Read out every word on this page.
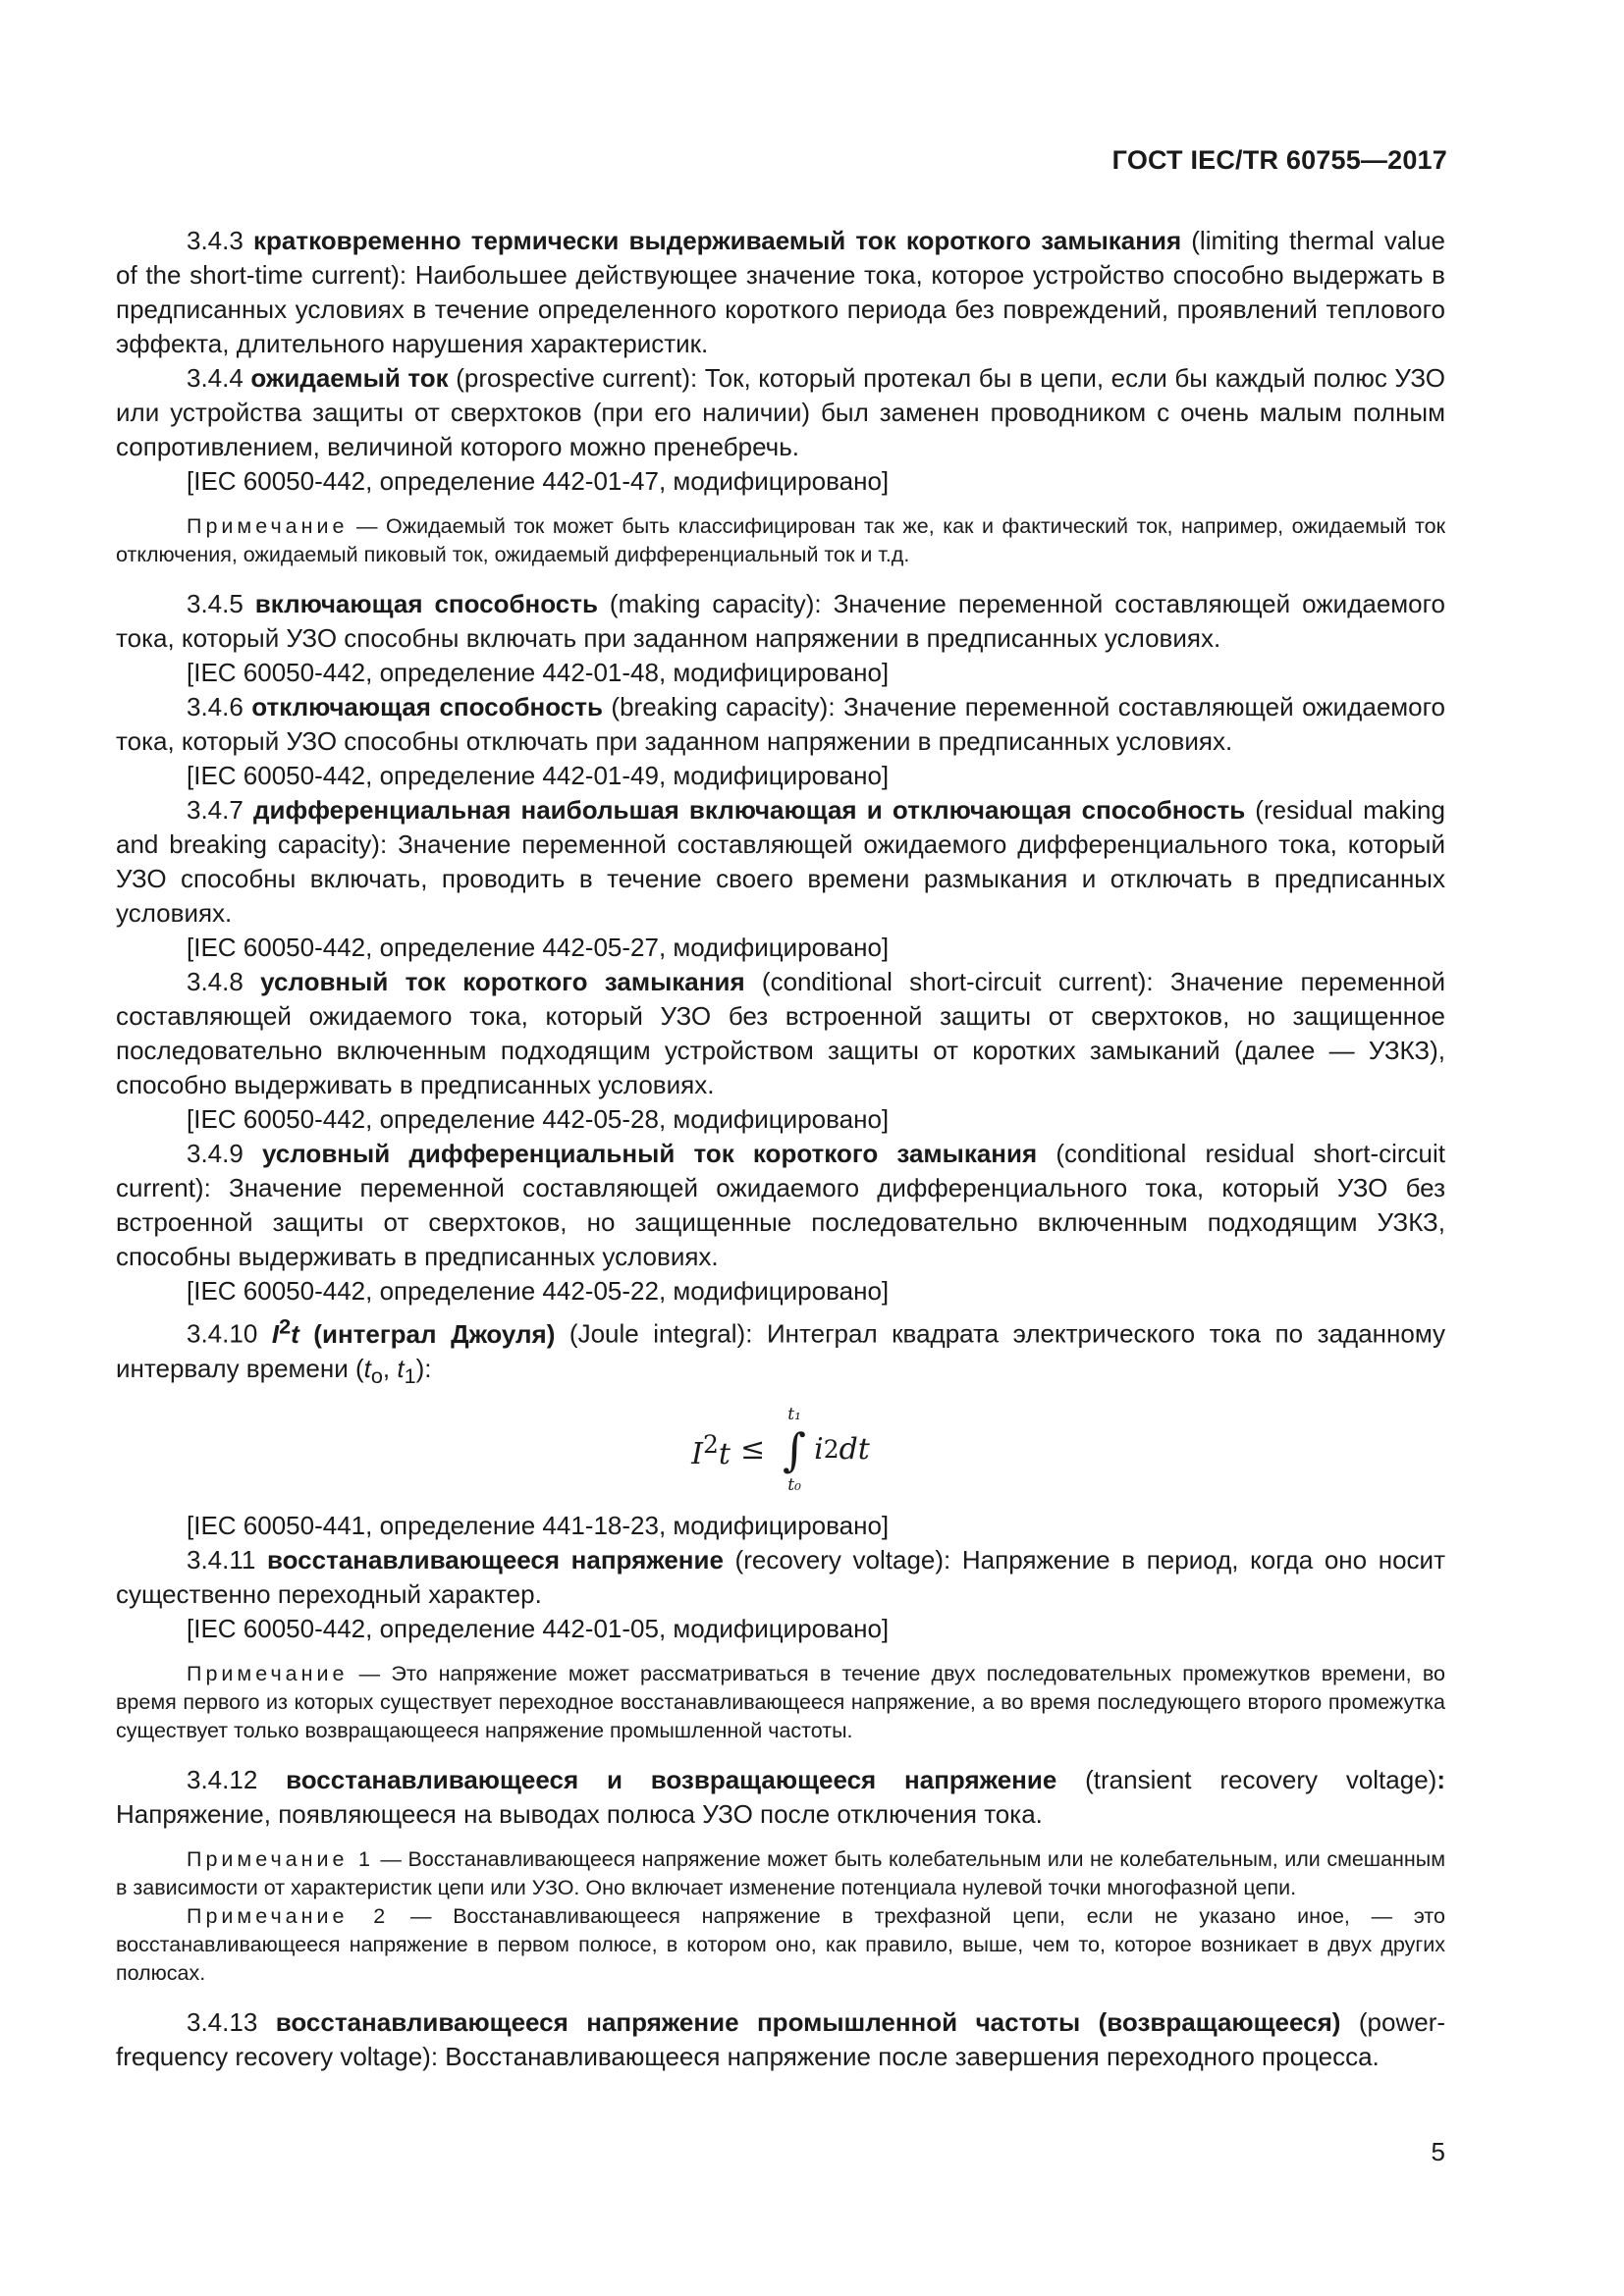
ГОСТ IEC/TR 60755—2017

3.4.3 кратковременно термически выдерживаемый ток короткого замыкания (limiting thermal value of the short-time current): Наибольшее действующее значение тока, которое устройство способно выдержать в предписанных условиях в течение определенного короткого периода без повреждений, проявлений теплового эффекта, длительного нарушения характеристик.

3.4.4 ожидаемый ток (prospective current): Ток, который протекал бы в цепи, если бы каждый полюс УЗО или устройства защиты от сверхтоков (при его наличии) был заменен проводником с очень малым полным сопротивлением, величиной которого можно пренебречь.

[IEC 60050-442, определение 442-01-47, модифицировано]

Примечание — Ожидаемый ток может быть классифицирован так же, как и фактический ток, например, ожидаемый ток отключения, ожидаемый пиковый ток, ожидаемый дифференциальный ток и т.д.

3.4.5 включающая способность (making capacity): Значение переменной составляющей ожидаемого тока, который УЗО способны включать при заданном напряжении в предписанных условиях.

[IEC 60050-442, определение 442-01-48, модифицировано]

3.4.6 отключающая способность (breaking capacity): Значение переменной составляющей ожидаемого тока, который УЗО способны отключать при заданном напряжении в предписанных условиях.

[IEC 60050-442, определение 442-01-49, модифицировано]

3.4.7 дифференциальная наибольшая включающая и отключающая способность (residual making and breaking capacity): Значение переменной составляющей ожидаемого дифференциального тока, который УЗО способны включать, проводить в течение своего времени размыкания и отключать в предписанных условиях.

[IEC 60050-442, определение 442-05-27, модифицировано]

3.4.8 условный ток короткого замыкания (conditional short-circuit current): Значение переменной составляющей ожидаемого тока, который УЗО без встроенной защиты от сверхтоков, но защищенное последовательно включенным подходящим устройством защиты от коротких замыканий (далее — УЗКЗ), способно выдерживать в предписанных условиях.

[IEC 60050-442, определение 442-05-28, модифицировано]

3.4.9 условный дифференциальный ток короткого замыкания (conditional residual short-circuit current): Значение переменной составляющей ожидаемого дифференциального тока, который УЗО без встроенной защиты от сверхтоков, но защищенные последовательно включенным подходящим УЗКЗ, способны выдерживать в предписанных условиях.

[IEC 60050-442, определение 442-05-22, модифицировано]

3.4.10 $I^2t$ (интеграл Джоуля) (Joule integral): Интеграл квадрата электрического тока по заданному интервалу времени ($t_o$, $t_1$):

$I^2t$ ≤
t₁
∫
t₀
i 2 dt

[IEC 60050-441, определение 441-18-23, модифицировано]

3.4.11 восстанавливающееся напряжение (recovery voltage): Напряжение в период, когда оно носит существенно переходный характер.

[IEC 60050-442, определение 442-01-05, модифицировано]

Примечание — Это напряжение может рассматриваться в течение двух последовательных промежутков времени, во время первого из которых существует переходное восстанавливающееся напряжение, а во время последующего второго промежутка существует только возвращающееся напряжение промышленной частоты.

3.4.12 восстанавливающееся и возвращающееся напряжение (transient recovery voltage): Напряжение, появляющееся на выводах полюса УЗО после отключения тока.

Примечание 1 — Восстанавливающееся напряжение может быть колебательным или не колебательным, или смешанным в зависимости от характеристик цепи или УЗО. Оно включает изменение потенциала нулевой точки многофазной цепи.

Примечание 2 — Восстанавливающееся напряжение в трехфазной цепи, если не указано иное, — это восстанавливающееся напряжение в первом полюсе, в котором оно, как правило, выше, чем то, которое возникает в двух других полюсах.

3.4.13 восстанавливающееся напряжение промышленной частоты (возвращающееся) (power-frequency recovery voltage): Восстанавливающееся напряжение после завершения переходного процесса.

5
